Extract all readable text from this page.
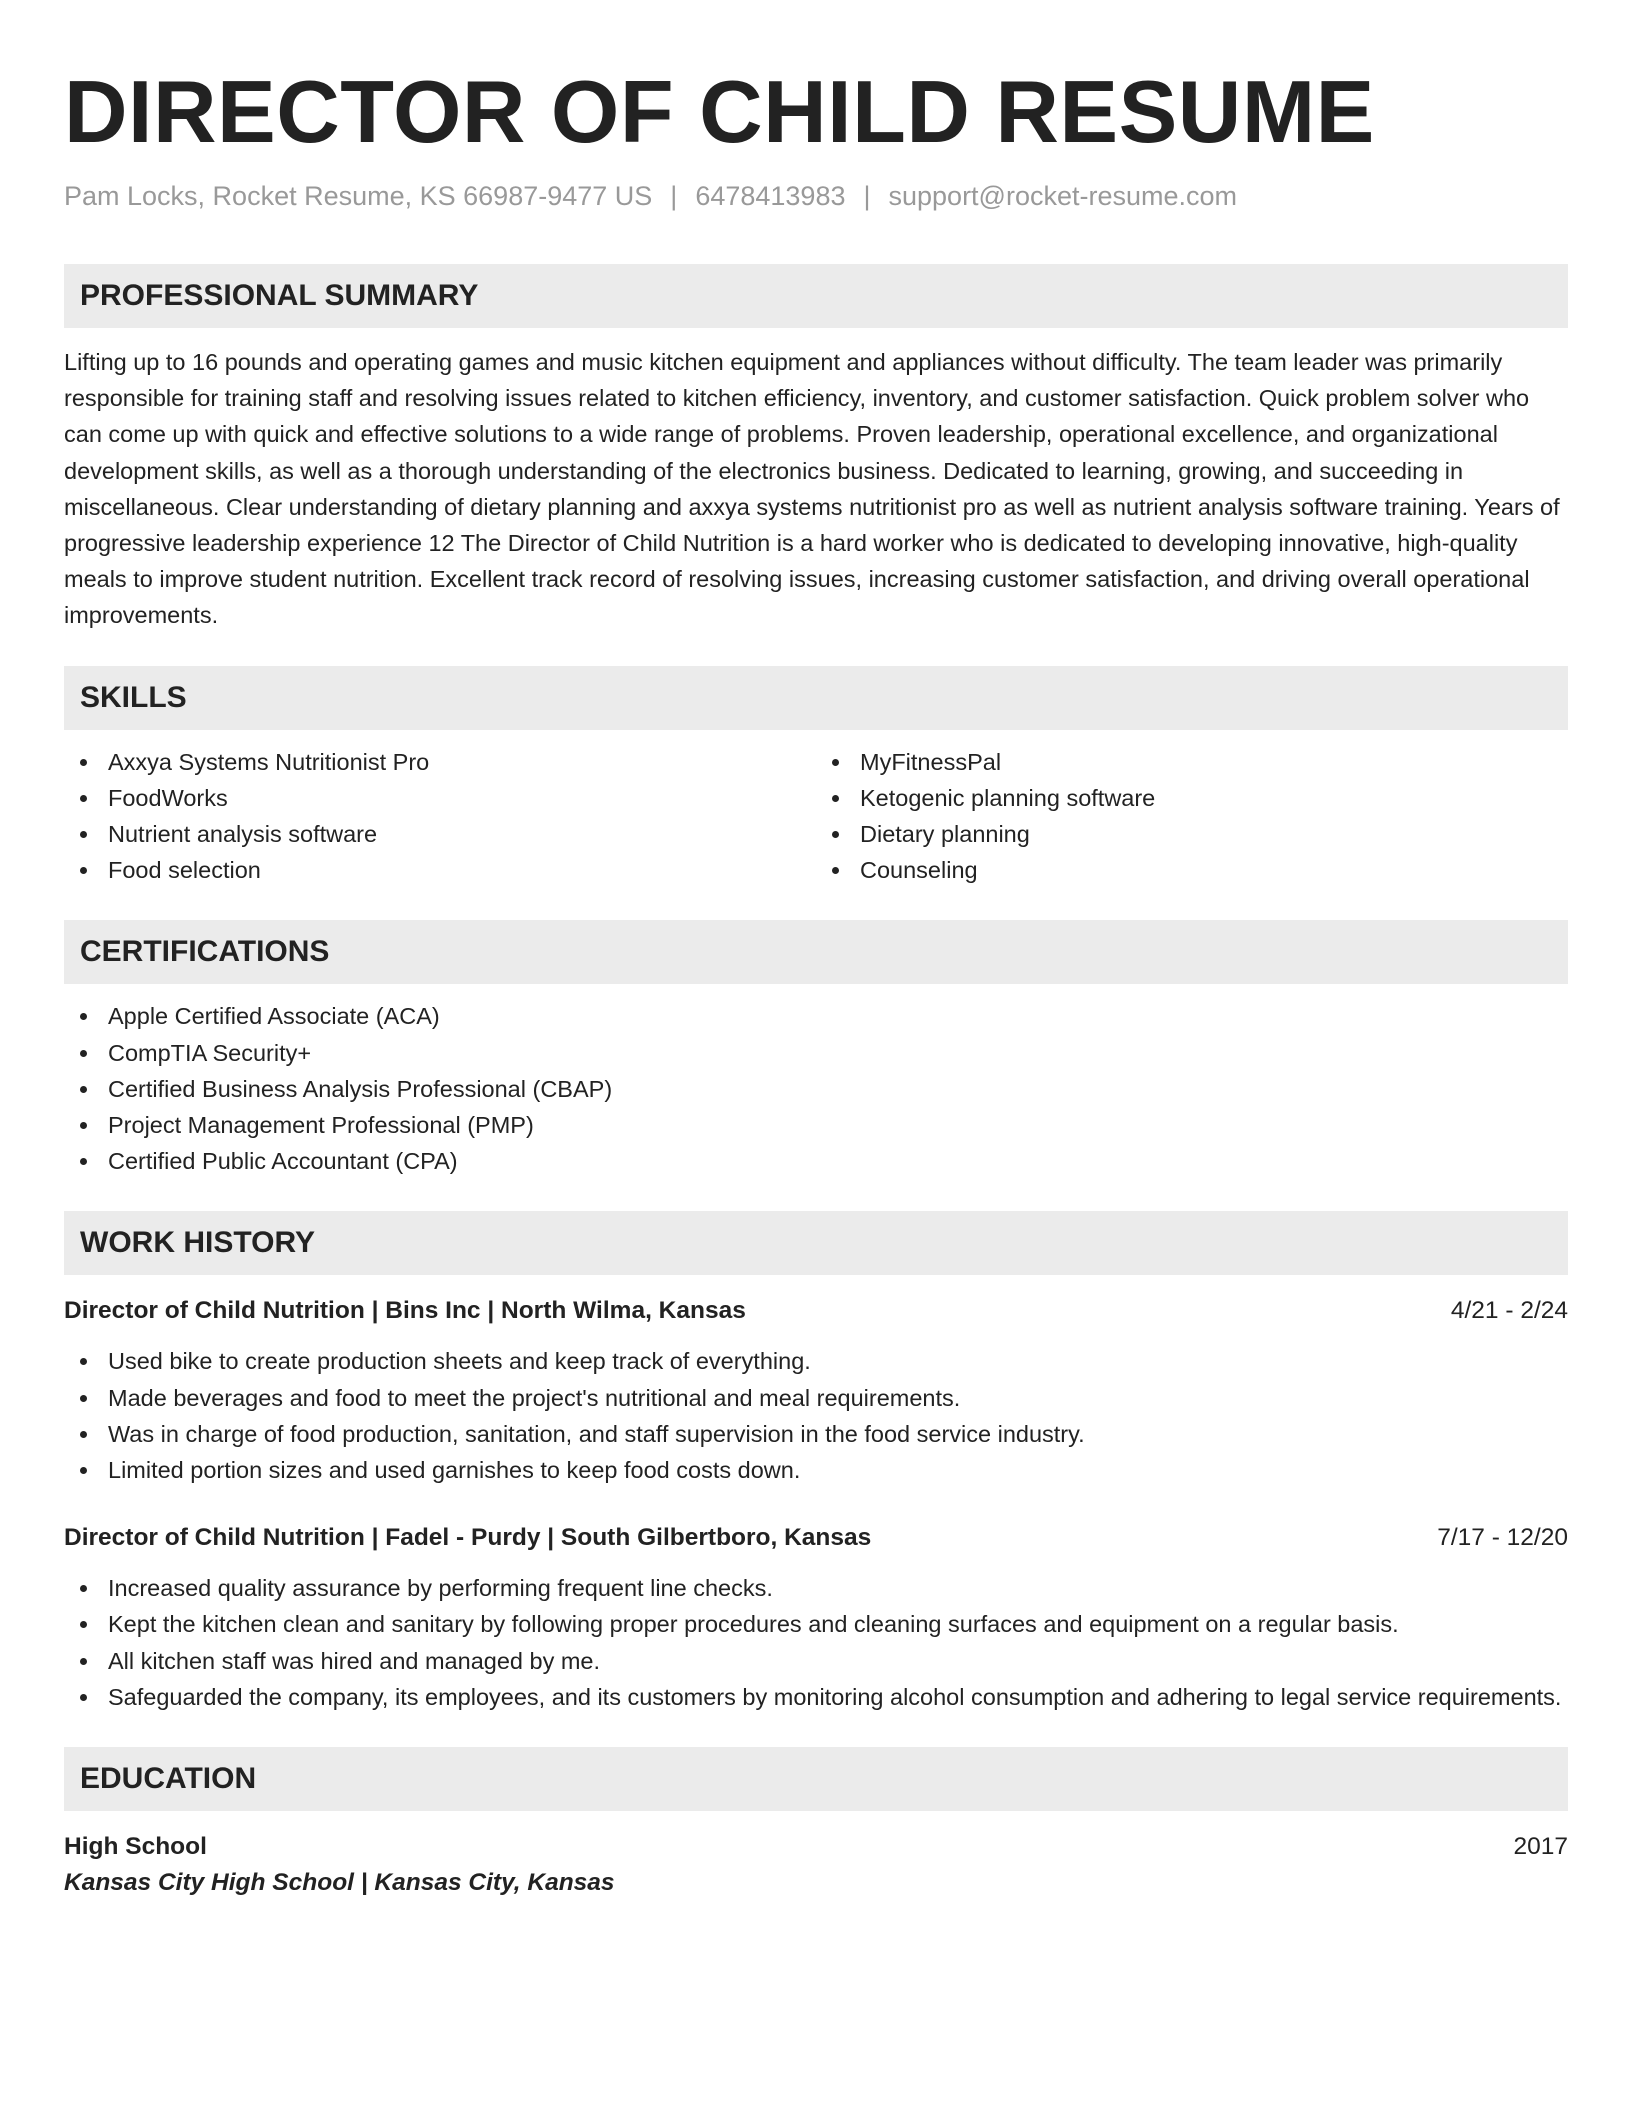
DIRECTOR OF CHILD RESUME
Pam Locks, Rocket Resume, KS 66987-9477 US | 6478413983 | support@rocket-resume.com
PROFESSIONAL SUMMARY

Lifting up to 16 pounds and operating games and music kitchen equipment and appliances without difficulty. The team leader was primarily responsible for training staff and resolving issues related to kitchen efficiency, inventory, and customer satisfaction. Quick problem solver who can come up with quick and effective solutions to a wide range of problems. Proven leadership, operational excellence, and organizational development skills, as well as a thorough understanding of the electronics business. Dedicated to learning, growing, and succeeding in miscellaneous. Clear understanding of dietary planning and axxya systems nutritionist pro as well as nutrient analysis software training. Years of progressive leadership experience 12 The Director of Child Nutrition is a hard worker who is dedicated to developing innovative, high-quality meals to improve student nutrition. Excellent track record of resolving issues, increasing customer satisfaction, and driving overall operational improvements.

SKILLS
Axxya Systems Nutritionist Pro
FoodWorks
Nutrient analysis software
Food selection
MyFitnessPal
Ketogenic planning software
Dietary planning
Counseling
CERTIFICATIONS
Apple Certified Associate (ACA)
CompTIA Security+
Certified Business Analysis Professional (CBAP)
Project Management Professional (PMP)
Certified Public Accountant (CPA)
WORK HISTORY
Director of Child Nutrition | Bins Inc | North Wilma, Kansas	4/21 - 2/24
Used bike to create production sheets and keep track of everything.
Made beverages and food to meet the project's nutritional and meal requirements.
Was in charge of food production, sanitation, and staff supervision in the food service industry.
Limited portion sizes and used garnishes to keep food costs down.
Director of Child Nutrition | Fadel - Purdy | South Gilbertboro, Kansas	7/17 - 12/20
Increased quality assurance by performing frequent line checks.
Kept the kitchen clean and sanitary by following proper procedures and cleaning surfaces and equipment on a regular basis.
All kitchen staff was hired and managed by me.
Safeguarded the company, its employees, and its customers by monitoring alcohol consumption and adhering to legal service requirements.
EDUCATION
High School	2017
Kansas City High School | Kansas City, Kansas
